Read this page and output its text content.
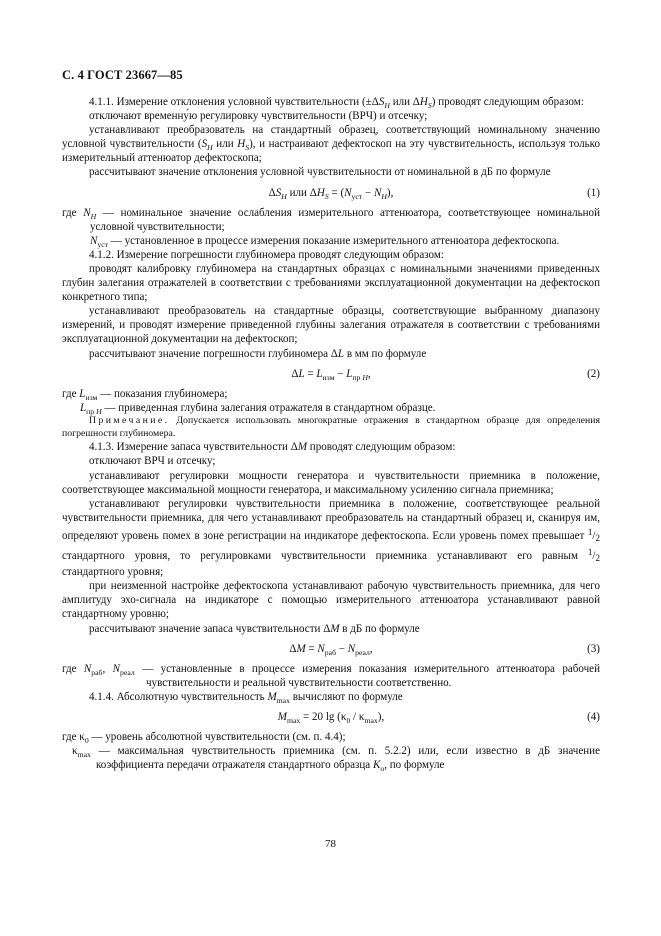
С. 4 ГОСТ 23667—85

4.1.1. Измерение отклонения условной чувствительности ($\pm\Delta S_Н$ или $\Delta H_S$) проводят следующим образом:

отключают временну́ю регулировку чувствительности (ВРЧ) и отсечку;

устанавливают преобразователь на стандартный образец, соответствующий номинальному значению условной чувствительности ($S_Н$ или $H_S$), и настраивают дефектоскоп на эту чувствительность, используя только измерительный аттенюатор дефектоскопа;

рассчитывают значение отклонения условной чувствительности от номинальной в дБ по формуле

$\Delta S_Н$ или $\Delta H_S = (N_{уст} - N_Н)$,	(1)

где $N_Н$ — номинальное значение ослабления измерительного аттенюатора, соответствующее номинальной условной чувствительности;

$N_{уст}$ — установленное в процессе измерения показание измерительного аттенюатора дефектоскопа.

4.1.2. Измерение погрешности глубиномера проводят следующим образом:

проводят калибровку глубиномера на стандартных образцах с номинальными значениями приведенных глубин залегания отражателей в соответствии с требованиями эксплуатационной документации на дефектоскоп конкретного типа;

устанавливают преобразователь на стандартные образцы, соответствующие выбранному диапазону измерений, и проводят измерение приведенной глубины залегания отражателя в соответствии с требованиями эксплуатационной документации на дефектоскоп;

рассчитывают значение погрешности глубиномера ΔL в мм по формуле

$\Delta L = L_{изм} - L_{пр Н}$,	(2)

где $L_{изм}$ — показания глубиномера;

$L_{пр Н}$ — приведенная глубина залегания отражателя в стандартном образце.

Примечание. Допускается использовать многократные отражения в стандартном образце для определения погрешности глубиномера.

4.1.3. Измерение запаса чувствительности ΔM проводят следующим образом:

отключают ВРЧ и отсечку;

устанавливают регулировки мощности генератора и чувствительности приемника в положение, соответствующее максимальной мощности генератора, и максимальному усилению сигнала приемника;

устанавливают регулировки чувствительности приемника в положение, соответствующее реальной чувствительности приемника, для чего устанавливают преобразователь на стандартный образец и, сканируя им, определяют уровень помех в зоне регистрации на индикаторе дефектоскопа. Если уровень помех превышает $^1$/2 стандартного уровня, то регулировками чувствительности приемника устанавливают его равным $^1$/2 стандартного уровня;

при неизменной настройке дефектоскопа устанавливают рабочую чувствительность приемника, для чего амплитуду эхо-сигнала на индикаторе с помощью измерительного аттенюатора устанавливают равной стандартному уровню;

рассчитывают значение запаса чувствительности ΔM в дБ по формуле

$\Delta M = N_{раб} - N_{реал}$,	(3)

где $N_{раб}$, $N_{реал}$ — установленные в процессе измерения показания измерительного аттенюатора рабочей чувствительности и реальной чувствительности соответственно.

4.1.4. Абсолютную чувствительность $M_{max}$ вычисляют по формуле

$M_{max} = 20$ $\lg (\kappa_0 / \kappa_{max})$,	(4)

где $\kappa_0$ — уровень абсолютной чувствительности (см. п. 4.4);

$\kappa_{max}$ — максимальная чувствительность приемника (см. п. 5.2.2) или, если известно в дБ значение коэффициента передачи отражателя стандартного образца $K_о$, по формуле

78
